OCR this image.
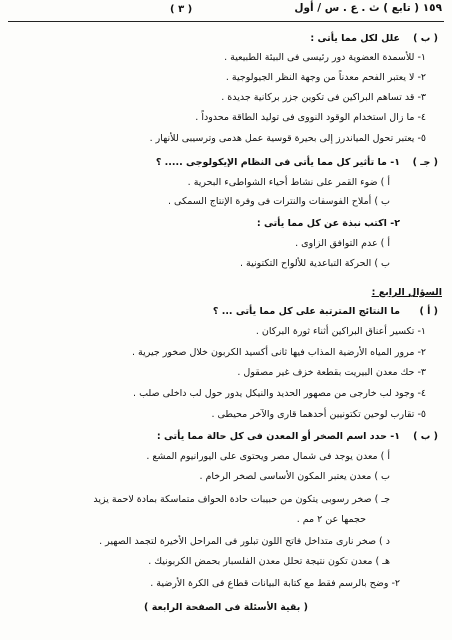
١٥٩ ( تابع ) ث . ع . س / أول
( ٣ )
( ب )
علل لكل مما يأتى :
١- للأسمدة العضوية دور رئيسى فى البيئة الطبيعية .
٢- لا يعتبر الفحم معدناً من وجهة النظر الجيولوجية .
٣- قد تساهم البراكين فى تكوين جزر بركانية جديدة .
٤- ما زال استخدام الوقود النووى فى توليد الطاقة محدوداً .
٥- يعتبر تحول المياندرز إلى بحيرة قوسية عمل هدمى وترسيبى للأنهار .
( جـ )
١- ما تأثير كل مما يأتى فى النظام الإيكولوجى ..... ؟
أ ) ضوء القمر على نشاط أحياء الشواطىء البحرية .
ب ) أملاح الفوسفات والنترات فى وفرة الإنتاج السمكى .
٢- اكتب نبذة عن كل مما يأتى :
أ ) عدم التوافق الزاوى .
ب ) الحركة التباعدية للألواح التكتونية .
السؤال الرابع :
( أ )
ما النتائج المترتبة على كل مما يأتى ... ؟
١- تكسير أعناق البراكين أثناء ثورة البركان .
٢- مرور المياه الأرضية المذاب فيها ثانى أكسيد الكربون خلال صخور جيرية .
٣- حك معدن البيريت بقطعة خزف غير مصقول .
٤- وجود لب خارجى من مصهور الحديد والنيكل يدور حول لب داخلى صلب .
٥- تقارب لوحين تكتونيين أحدهما قارى والآخر محيطى .
( ب )
١- حدد اسم الصخر أو المعدن فى كل حالة مما يأتى :
أ ) معدن يوجد فى شمال مصر ويحتوى على اليورانيوم المشع .
ب ) معدن يعتبر المكون الأساسى لصخر الرخام .
جـ ) صخر رسوبى يتكون من حبيبات حادة الحواف متماسكة بمادة لاحمة يزيد
حجمها عن ٢ مم .
د ) صخر نارى متداخل فاتح اللون تبلور فى المراحل الأخيرة لتجمد الصهير .
هـ ) معدن تكون نتيجة تحلل معدن الفلسبار بحمض الكربونيك .
٢- وضح بالرسم فقط مع كتابة البيانات قطاع فى الكرة الأرضية .
( بقية الأسئلة فى الصفحة الرابعة )
